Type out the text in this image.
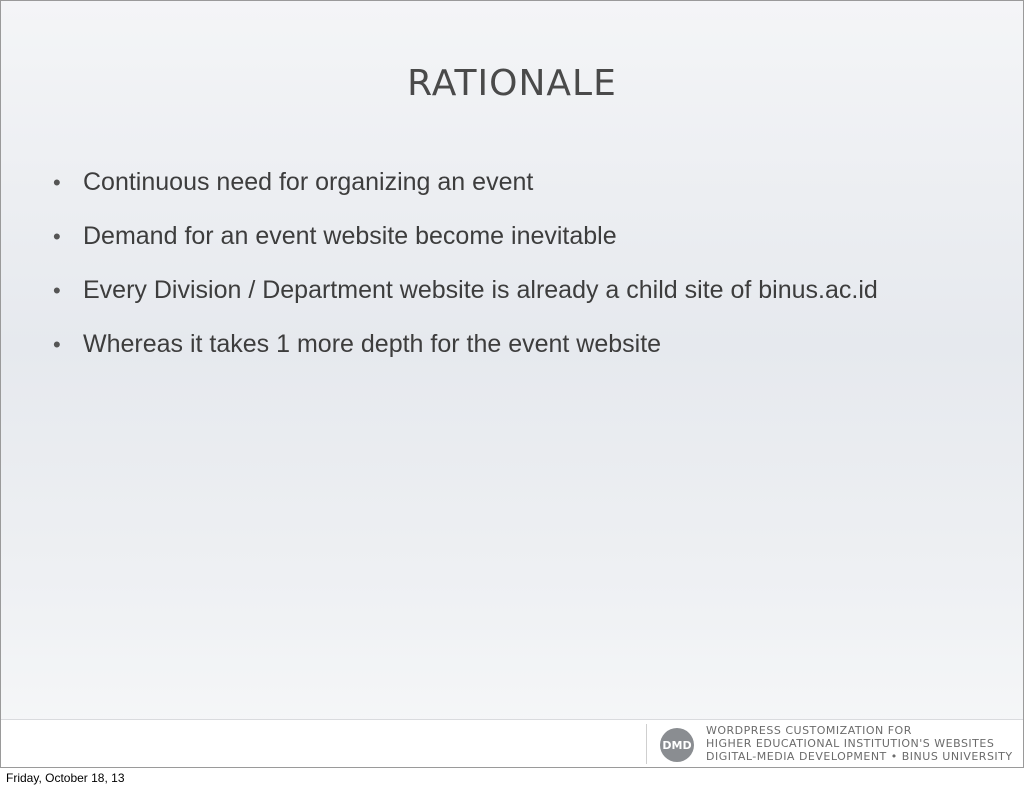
RATIONALE
• Continuous need for organizing an event
• Demand for an event website become inevitable
• Every Division / Department website is already a child site of binus.ac.id
• Whereas it takes 1 more depth for the event website
DMD
WORDPRESS CUSTOMIZATION FOR
HIGHER EDUCATIONAL INSTITUTION'S WEBSITES
DIGITAL-MEDIA DEVELOPMENT • BINUS UNIVERSITY
Friday, October 18, 13
